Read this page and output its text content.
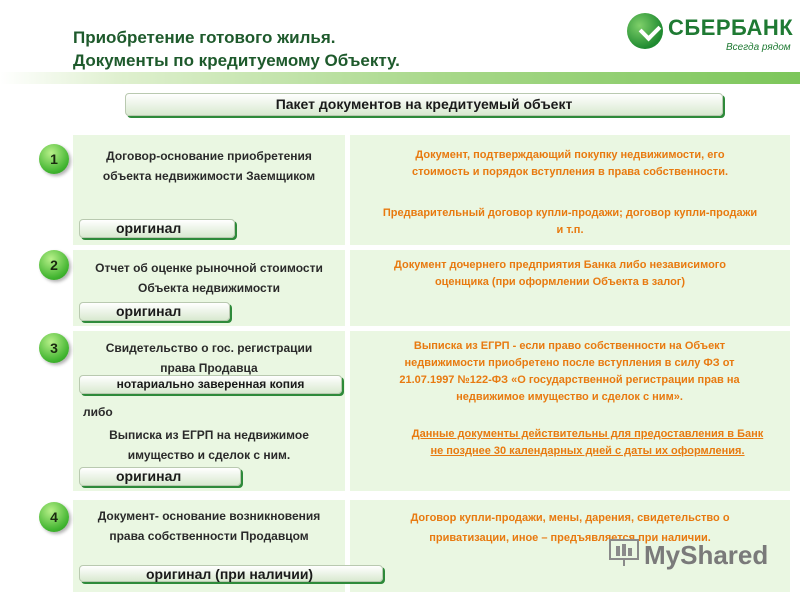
Приобретение готового жилья.
Документы по кредитуемому Объекту.
СБЕРБАНК
Всегда рядом
Пакет документов на кредитуемый объект
1	Договор-основание приобретения
объекта недвижимости Заемщиком
оригинал
Документ, подтверждающий покупку недвижимости, его
стоимость и порядок вступления в права собственности.
Предварительный договор купли-продажи; договор купли-продажи
и т.п.
2	Отчет об оценке рыночной стоимости
Объекта недвижимости
оригинал
Документ дочернего предприятия Банка либо независимого
оценщика (при оформлении Объекта в залог)
3	Свидетельство о гос. регистрации
права Продавца
нотариально заверенная копия
либо
Выписка из ЕГРП на недвижимое
имущество и сделок с ним.
оригинал
Выписка из ЕГРП - если право собственности на Объект
недвижимости приобретено после вступления в силу ФЗ от
21.07.1997 №122-ФЗ «О государственной регистрации прав на
недвижимое имущество и сделок с ним».
Данные документы действительны для предоставления в Банк
не позднее 30 календарных дней с даты их оформления.
4	Документ- основание возникновения
права собственности Продавцом
оригинал (при наличии)
Договор купли-продажи, мены, дарения, свидетельство о
приватизации, иное – предъявляется при наличии.
MyShared
